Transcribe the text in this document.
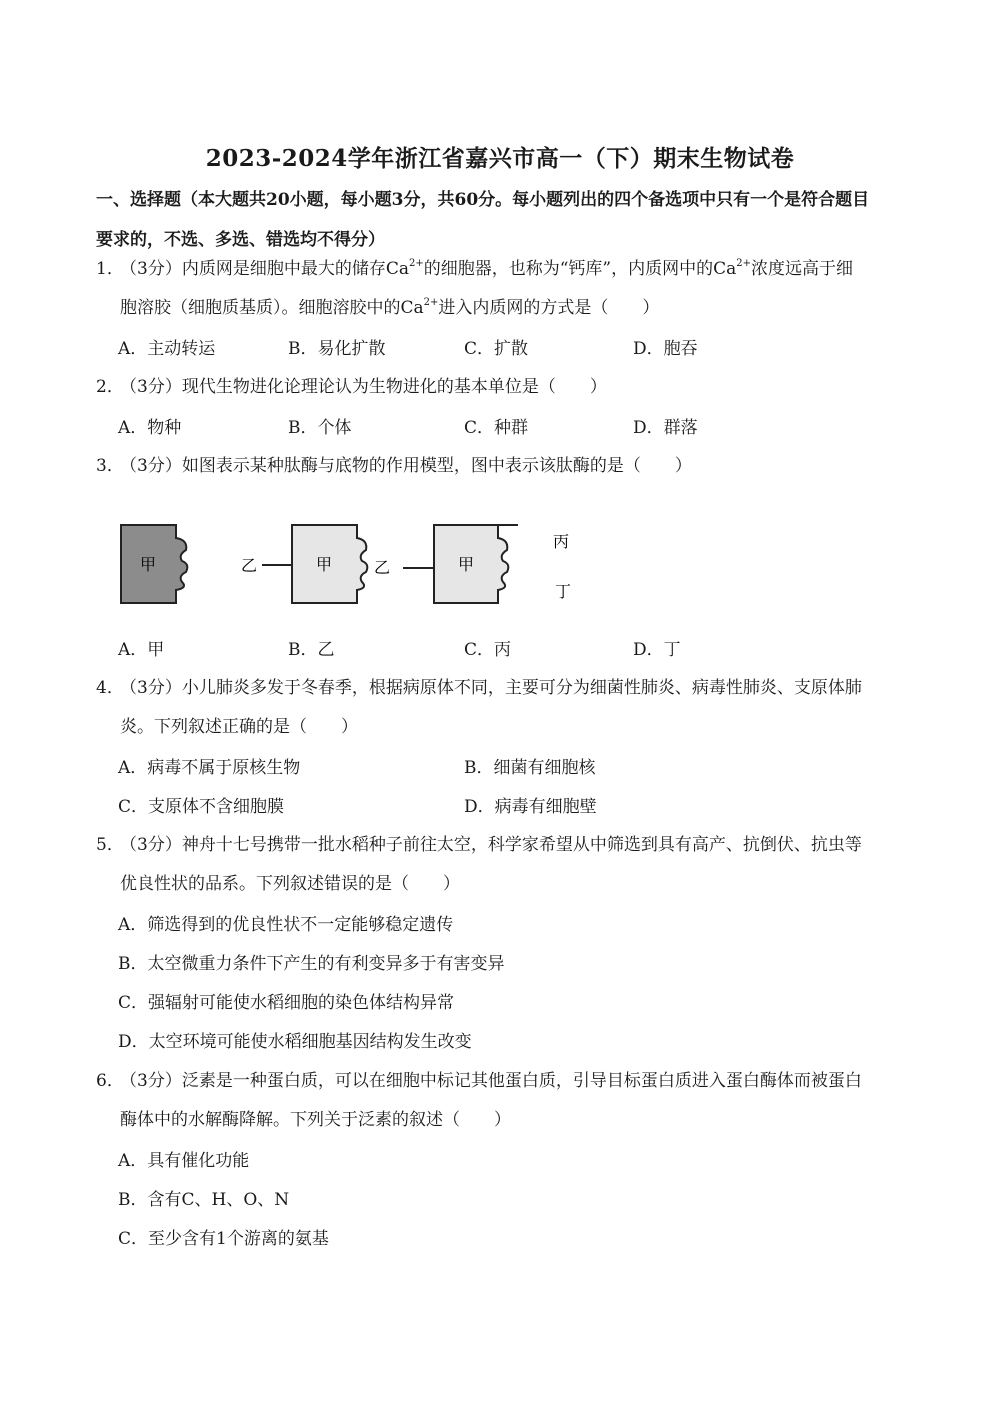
2023-2024学年浙江省嘉兴市高一（下）期末生物试卷
一、选择题（本大题共20小题，每小题3分，共60分。每小题列出的四个备选项中只有一个是符合题目
要求的，不选、多选、错选均不得分）
1．（3分）内质网是细胞中最大的储存$Ca^{2+}$的细胞器，也称为“钙库”，内质网中的$Ca^{2+}$浓度远高于细
胞溶胶（细胞质基质）。细胞溶胶中的$Ca^{2+}$进入内质网的方式是（　　）
A．主动转运	B．易化扩散	C．扩散	D．胞吞
2．（3分）现代生物进化论理论认为生物进化的基本单位是（　　）
A．物种	B．个体	C．种群	D．群落
3．（3分）如图表示某种肽酶与底物的作用模型，图中表示该肽酶的是（　　）
甲	乙	甲	乙	甲
丙
丁
A．甲	B．乙	C．丙	D．丁
4．（3分）小儿肺炎多发于冬春季，根据病原体不同，主要可分为细菌性肺炎、病毒性肺炎、支原体肺
炎。下列叙述正确的是（　　）
A．病毒不属于原核生物	B．细菌有细胞核
C．支原体不含细胞膜	D．病毒有细胞壁
5．（3分）神舟十七号携带一批水稻种子前往太空，科学家希望从中筛选到具有高产、抗倒伏、抗虫等
优良性状的品系。下列叙述错误的是（　　）
A．筛选得到的优良性状不一定能够稳定遗传
B．太空微重力条件下产生的有利变异多于有害变异
C．强辐射可能使水稻细胞的染色体结构异常
D．太空环境可能使水稻细胞基因结构发生改变
6．（3分）泛素是一种蛋白质，可以在细胞中标记其他蛋白质，引导目标蛋白质进入蛋白酶体而被蛋白
酶体中的水解酶降解。下列关于泛素的叙述（　　）
A．具有催化功能
B．含有C、H、O、N
C．至少含有1个游离的氨基
